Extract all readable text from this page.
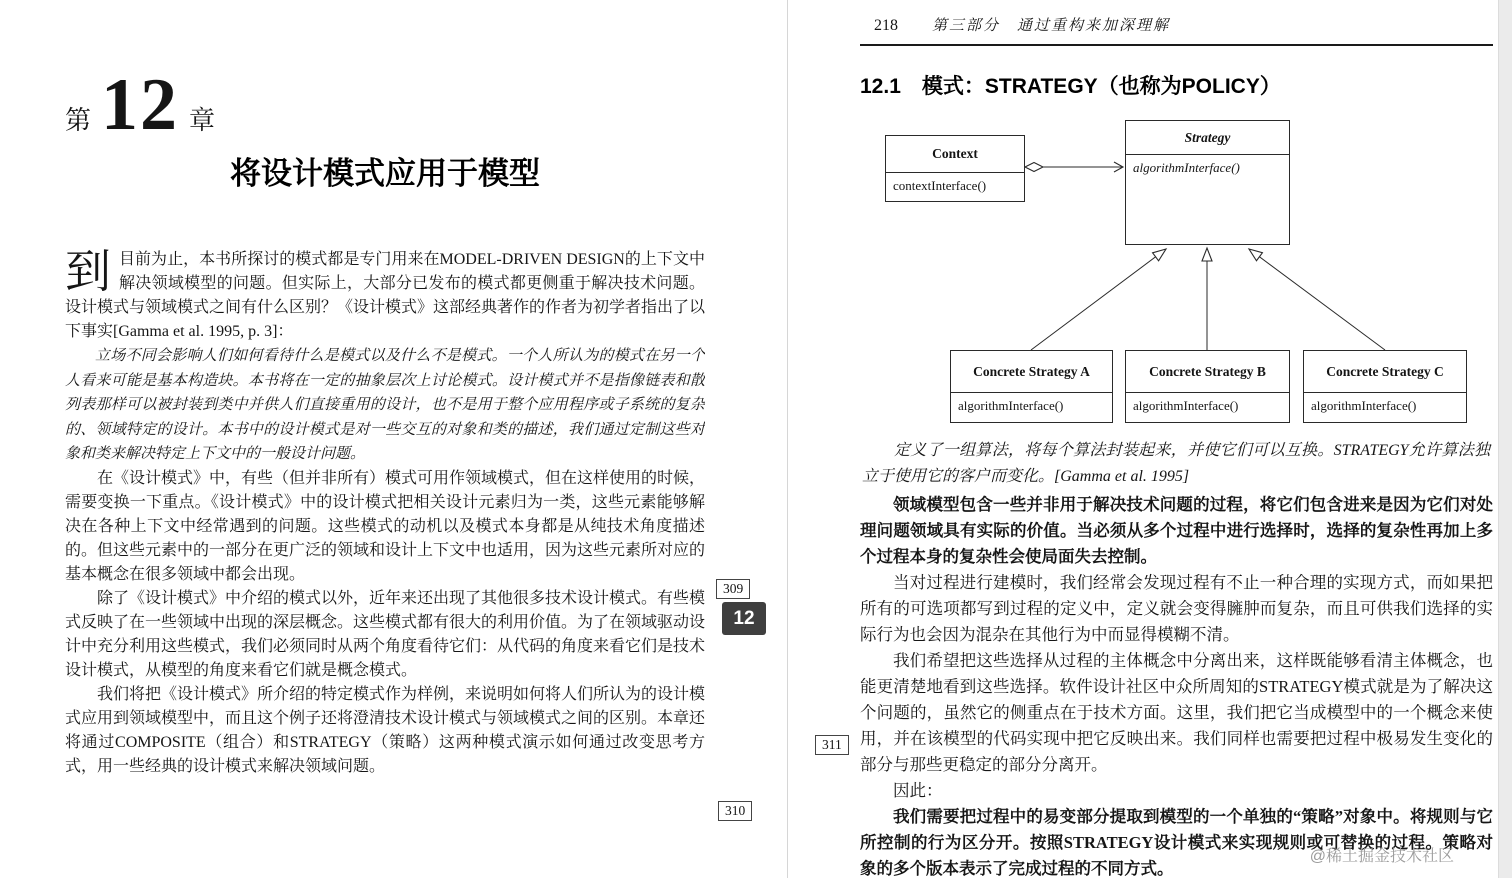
第 12 章
将设计模式应用于模型

到目前为止，本书所探讨的模式都是专门用来在MODEL-DRIVEN DESIGN的上下文中解决领域模型的问题。但实际上，大部分已发布的模式都更侧重于解决技术问题。设计模式与领域模式之间有什么区别？《设计模式》这部经典著作的作者为初学者指出了以下事实[Gamma et al. 1995, p. 3]：

立场不同会影响人们如何看待什么是模式以及什么不是模式。一个人所认为的模式在另一个人看来可能是基本构造块。本书将在一定的抽象层次上讨论模式。设计模式并不是指像链表和散列表那样可以被封装到类中并供人们直接重用的设计，也不是用于整个应用程序或子系统的复杂的、领域特定的设计。本书中的设计模式是对一些交互的对象和类的描述，我们通过定制这些对象和类来解决特定上下文中的一般设计问题。

在《设计模式》中，有些（但并非所有）模式可用作领域模式，但在这样使用的时候，需要变换一下重点。《设计模式》中的设计模式把相关设计元素归为一类，这些元素能够解决在各种上下文中经常遇到的问题。这些模式的动机以及模式本身都是从纯技术角度描述的。但这些元素中的一部分在更广泛的领域和设计上下文中也适用，因为这些元素所对应的基本概念在很多领域中都会出现。

除了《设计模式》中介绍的模式以外，近年来还出现了其他很多技术设计模式。有些模式反映了在一些领域中出现的深层概念。这些模式都有很大的利用价值。为了在领域驱动设计中充分利用这些模式，我们必须同时从两个角度看待它们：从代码的角度来看它们是技术设计模式，从模型的角度来看它们就是概念模式。

我们将把《设计模式》所介绍的特定模式作为样例，来说明如何将人们所认为的设计模式应用到领域模型中，而且这个例子还将澄清技术设计模式与领域模式之间的区别。本章还将通过COMPOSITE（组合）和STRATEGY（策略）这两种模式演示如何通过改变思考方式，用一些经典的设计模式来解决领域问题。

309
12
310
218 第三部分　通过重构来加深理解
12.1　模式：STRATEGY（也称为POLICY）
Context
contextInterface()
Strategy
algorithmInterface()
Concrete Strategy A
algorithmInterface()
Concrete Strategy B
algorithmInterface()
Concrete Strategy C
algorithmInterface()

定义了一组算法，将每个算法封装起来，并使它们可以互换。STRATEGY允许算法独立于使用它的客户而变化。[Gamma et al. 1995]

领域模型包含一些并非用于解决技术问题的过程，将它们包含进来是因为它们对处理问题领域具有实际的价值。当必须从多个过程中进行选择时，选择的复杂性再加上多个过程本身的复杂性会使局面失去控制。

当对过程进行建模时，我们经常会发现过程有不止一种合理的实现方式，而如果把所有的可选项都写到过程的定义中，定义就会变得臃肿而复杂，而且可供我们选择的实际行为也会因为混杂在其他行为中而显得模糊不清。

我们希望把这些选择从过程的主体概念中分离出来，这样既能够看清主体概念，也能更清楚地看到这些选择。软件设计社区中众所周知的STRATEGY模式就是为了解决这个问题的，虽然它的侧重点在于技术方面。这里，我们把它当成模型中的一个概念来使用，并在该模型的代码实现中把它反映出来。我们同样也需要把过程中极易发生变化的部分与那些更稳定的部分分离开。

因此：

我们需要把过程中的易变部分提取到模型的一个单独的“策略”对象中。将规则与它所控制的行为区分开。按照STRATEGY设计模式来实现规则或可替换的过程。策略对象的多个版本表示了完成过程的不同方式。

311
@稀土掘金技术社区
